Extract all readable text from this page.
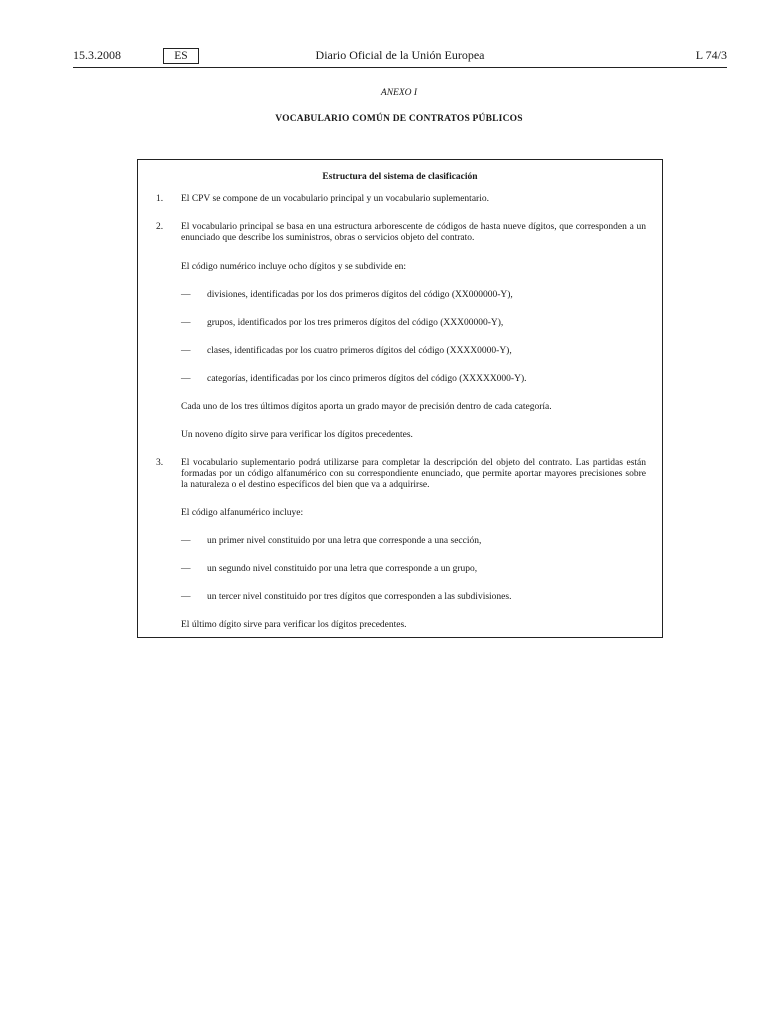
15.3.2008	ES	Diario Oficial de la Unión Europea	L 74/3
ANEXO I
VOCABULARIO COMÚN DE CONTRATOS PÚBLICOS
Estructura del sistema de clasificación
1. El CPV se compone de un vocabulario principal y un vocabulario suplementario.
2. El vocabulario principal se basa en una estructura arborescente de códigos de hasta nueve dígitos, que corresponden a un enunciado que describe los suministros, obras o servicios objeto del contrato.
El código numérico incluye ocho dígitos y se subdivide en:
— divisiones, identificadas por los dos primeros dígitos del código (XX000000-Y),
— grupos, identificados por los tres primeros dígitos del código (XXX00000-Y),
— clases, identificadas por los cuatro primeros dígitos del código (XXXX0000-Y),
— categorías, identificadas por los cinco primeros dígitos del código (XXXXX000-Y).
Cada uno de los tres últimos dígitos aporta un grado mayor de precisión dentro de cada categoría.
Un noveno dígito sirve para verificar los dígitos precedentes.
3. El vocabulario suplementario podrá utilizarse para completar la descripción del objeto del contrato. Las partidas están formadas por un código alfanumérico con su correspondiente enunciado, que permite aportar mayores precisiones sobre la naturaleza o el destino específicos del bien que va a adquirirse.
El código alfanumérico incluye:
— un primer nivel constituido por una letra que corresponde a una sección,
— un segundo nivel constituido por una letra que corresponde a un grupo,
— un tercer nivel constituido por tres dígitos que corresponden a las subdivisiones.
El último dígito sirve para verificar los dígitos precedentes.
